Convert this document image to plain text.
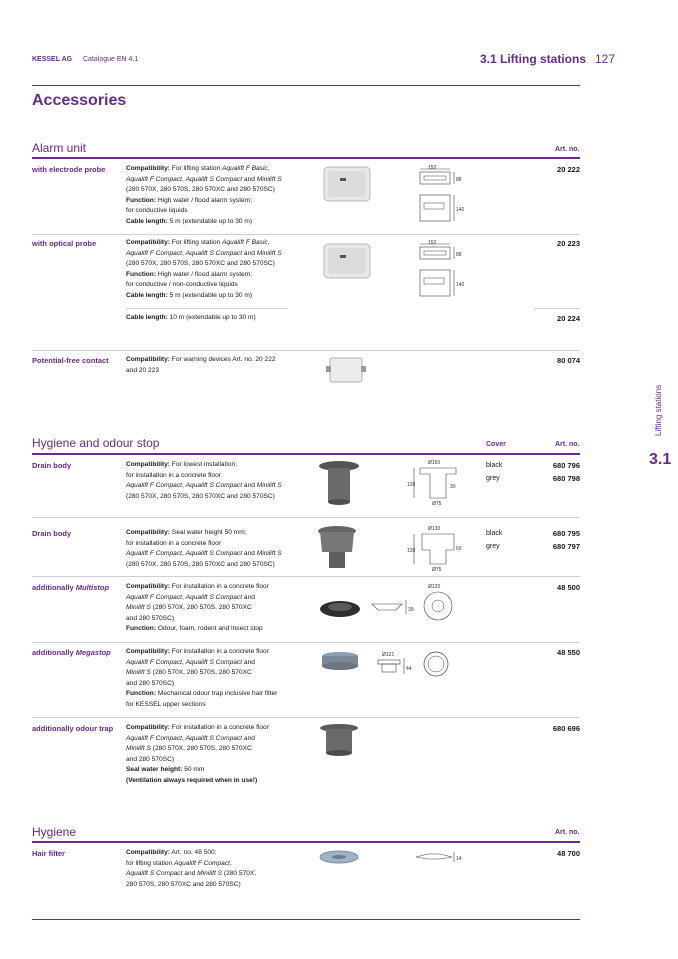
KESSEL AG Catalogue EN 4.1	3.1 Lifting stations 127
Lifting stations
3.1
Accessories
Alarm unit	Art. no.
with electrode probe	Compatibility: For lifting station Aqualift F Basic,
Aqualift F Compact, Aqualift S Compact and Minilift S
(280 570X, 280 570S, 280 570XC and 280 570SC)
Function: High water / flood alarm system;
for conductive liquids
Cable length: 5 m (extendable up to 30 m)
20 222
152
88
140
with optical probe	Compatibility: For lifting station Aqualift F Basic,
Aqualift F Compact, Aqualift S Compact and Minilift S
(280 570X, 280 570S, 280 570XC and 280 570SC)
Function: High water / flood alarm system;
for conductive / non-conductive liquids
Cable length: 5 m (extendable up to 30 m)
20 223
152
88
140
Cable length: 10 m (extendable up to 30 m)	20 224
Potential-free contact	Compatibility: For warning devices Art. no. 20 222
and 20 223
80 074
Hygiene and odour stop	Cover	Art. no.
Drain body	Compatibility: For lowest installation;
for installation in a concrete floor
Aqualift F Compact, Aqualift S Compact and Minilift S
(280 570X, 280 570S, 280 570XC and 280 570SC)
black
grey
680 796
680 798
Ø150
120	30
Ø75
Drain body	Compatibility: Seal water height 50 mm;
for installation in a concrete floor
Aqualift F Compact, Aqualift S Compact and Minilift S
(280 570X, 280 570S, 280 570XC and 280 570SC)
black
grey
680 795
680 797
Ø130
120	60
Ø75
additionally Multistop	Compatibility: For installation in a concrete floor
Aqualift F Compact, Aqualift S Compact and
Minilift S (280 570X, 280 570S, 280 570XC
and 280 570SC)
Function: Odour, foam, rodent and insect stop
48 500
39
Ø120
additionally Megastop Compatibility: For installation in a concrete floor
Aqualift F Compact, Aqualift S Compact and
Minilift S (280 570X, 280 570S, 280 570XC
and 280 570SC)
Function: Mechanical odour trap inclusive hair filter
for KESSEL upper sections
48 550
Ø121
44
additionally odour trap Compatibility: For installation in a concrete floor
Aqualift F Compact, Aqualift S Compact and
Minilift S (280 570X, 280 570S, 280 570XC
and 280 570SC)
Seal water height: 50 mm
(Ventilation always required when in use!)
680 696
Hygiene	Art. no.
Hair filter	Compatibility: Art. no. 48 500;
for lifting station Aqualift F Compact,
Aqualift S Compact and Minilift S (280 570X,
280 570S, 280 570XC and 280 570SC)
48 700
14
